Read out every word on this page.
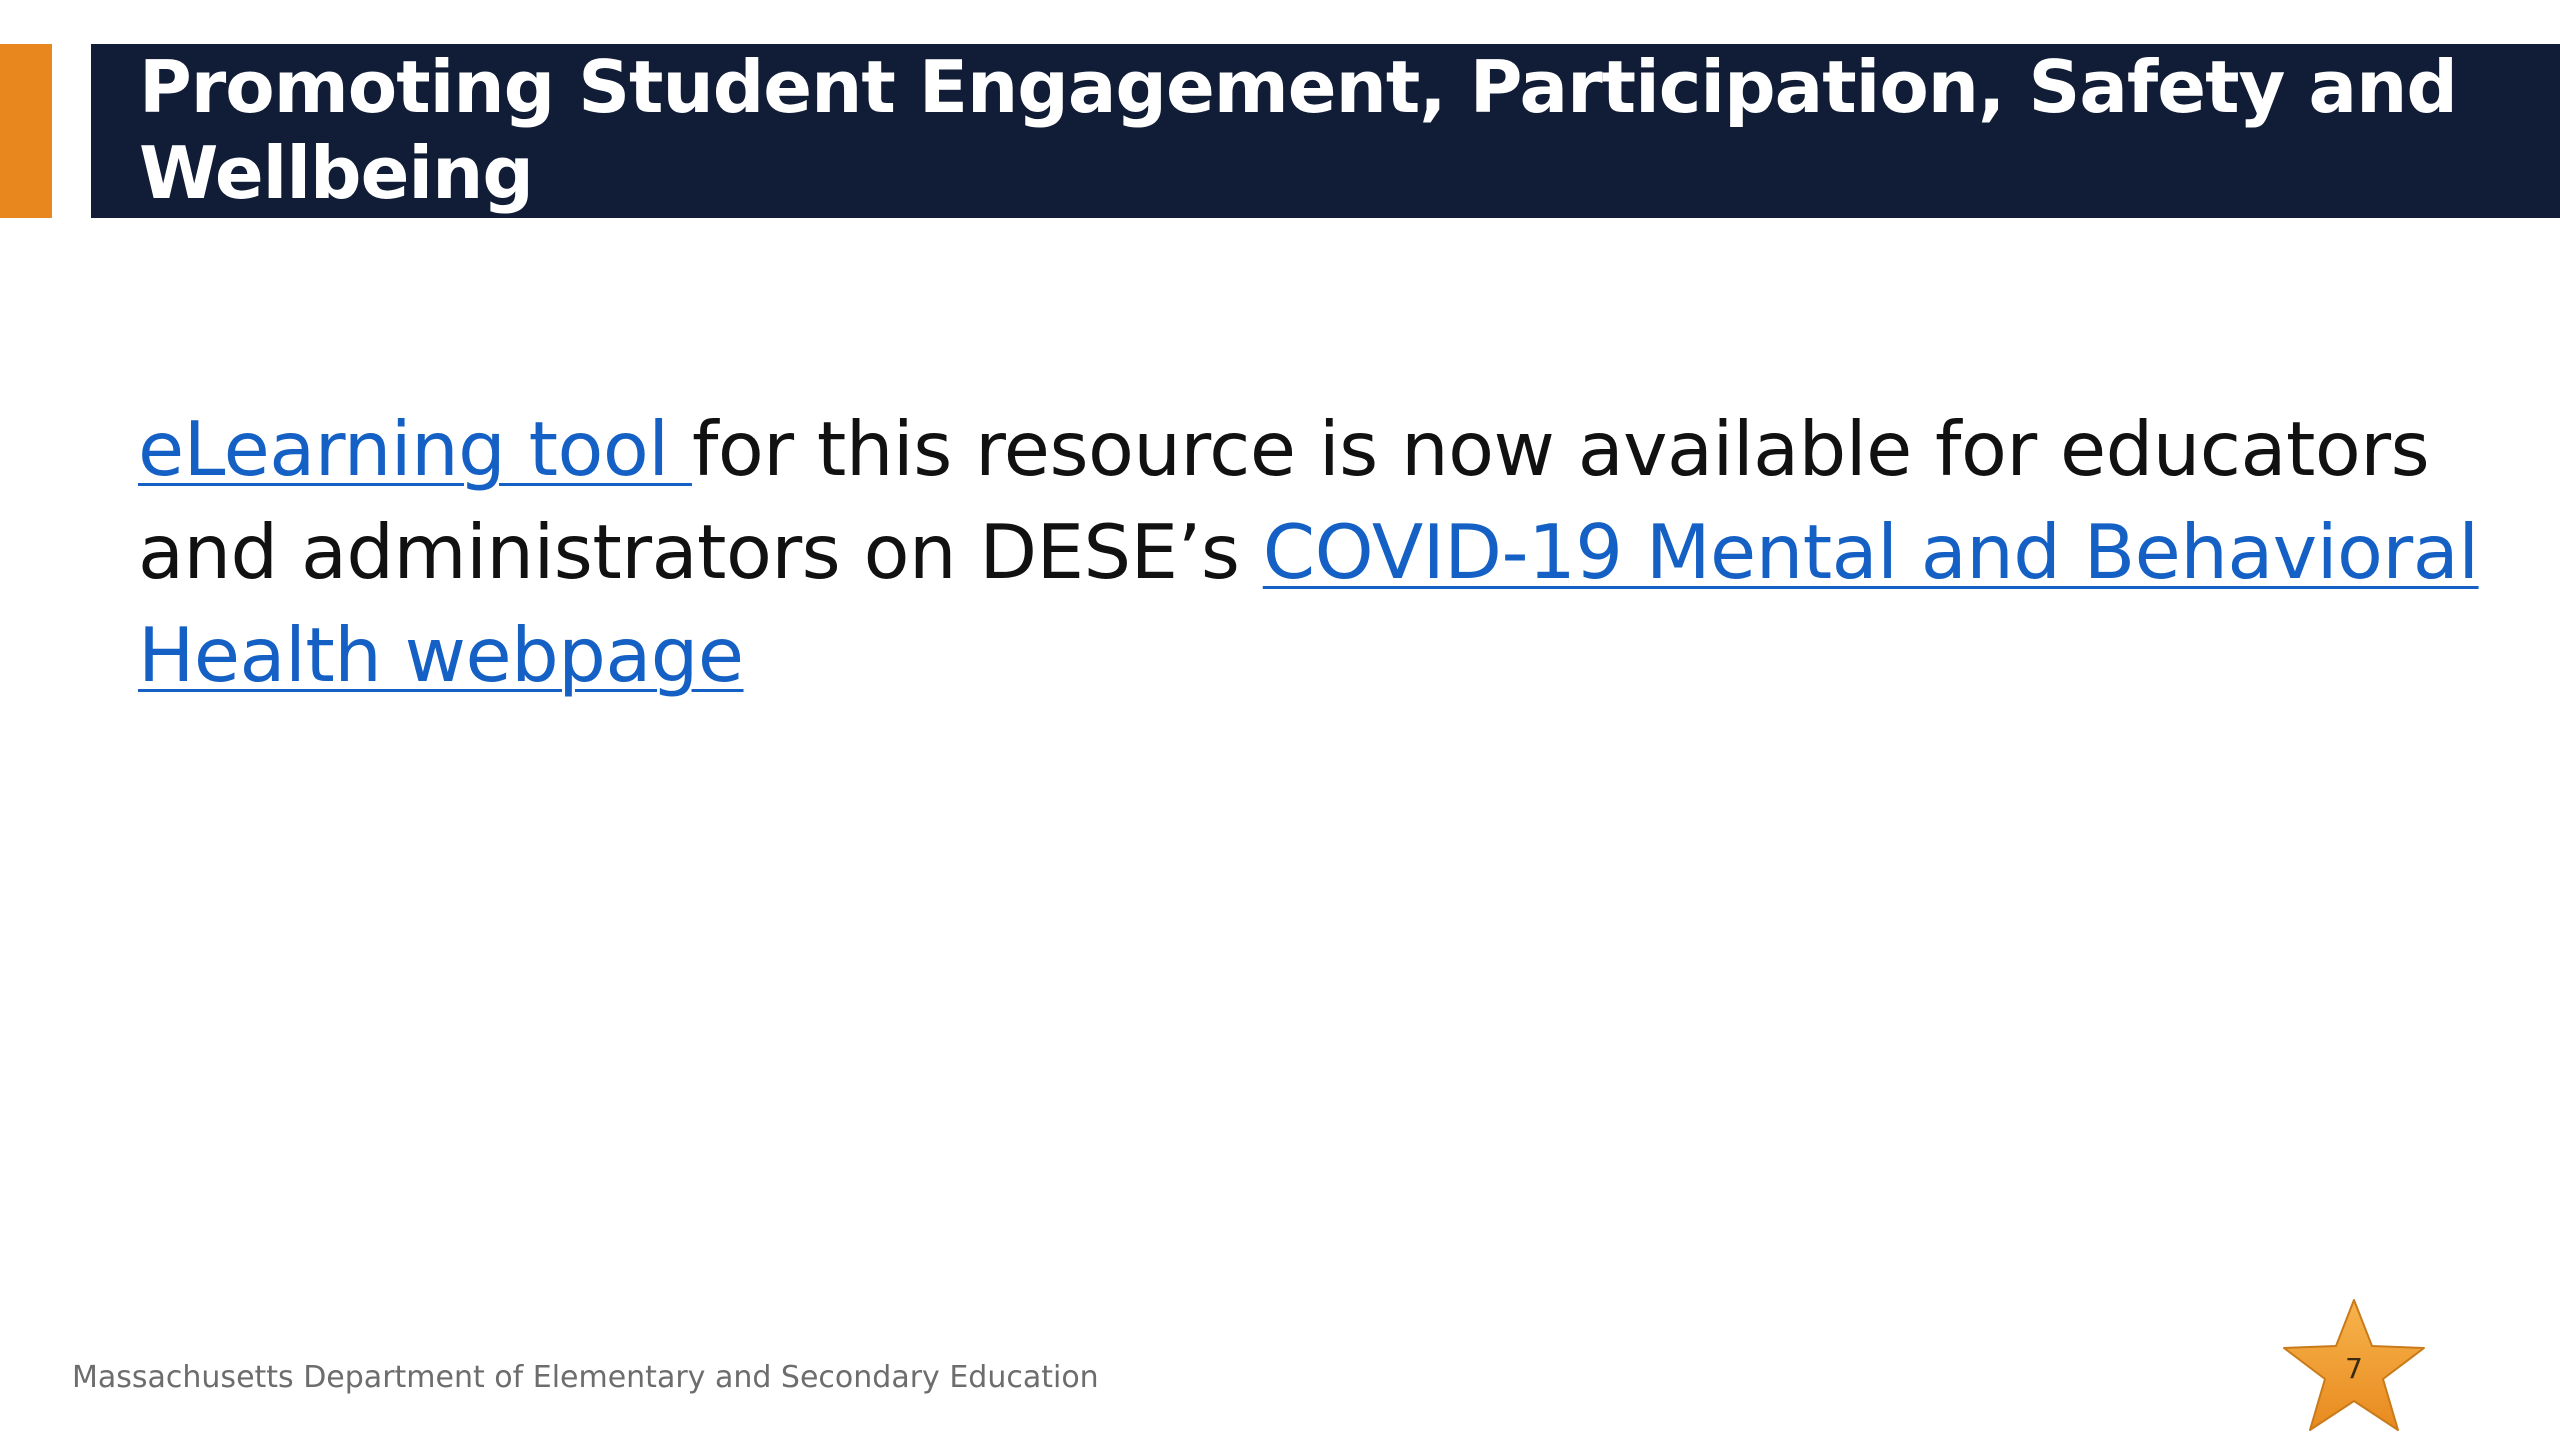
Promoting Student Engagement, Participation, Safety and Wellbeing

eLearning tool for this resource is now available for educators and administrators on DESE’s COVID-19 Mental and Behavioral Health webpage

Massachusetts Department of Elementary and Secondary Education	7
